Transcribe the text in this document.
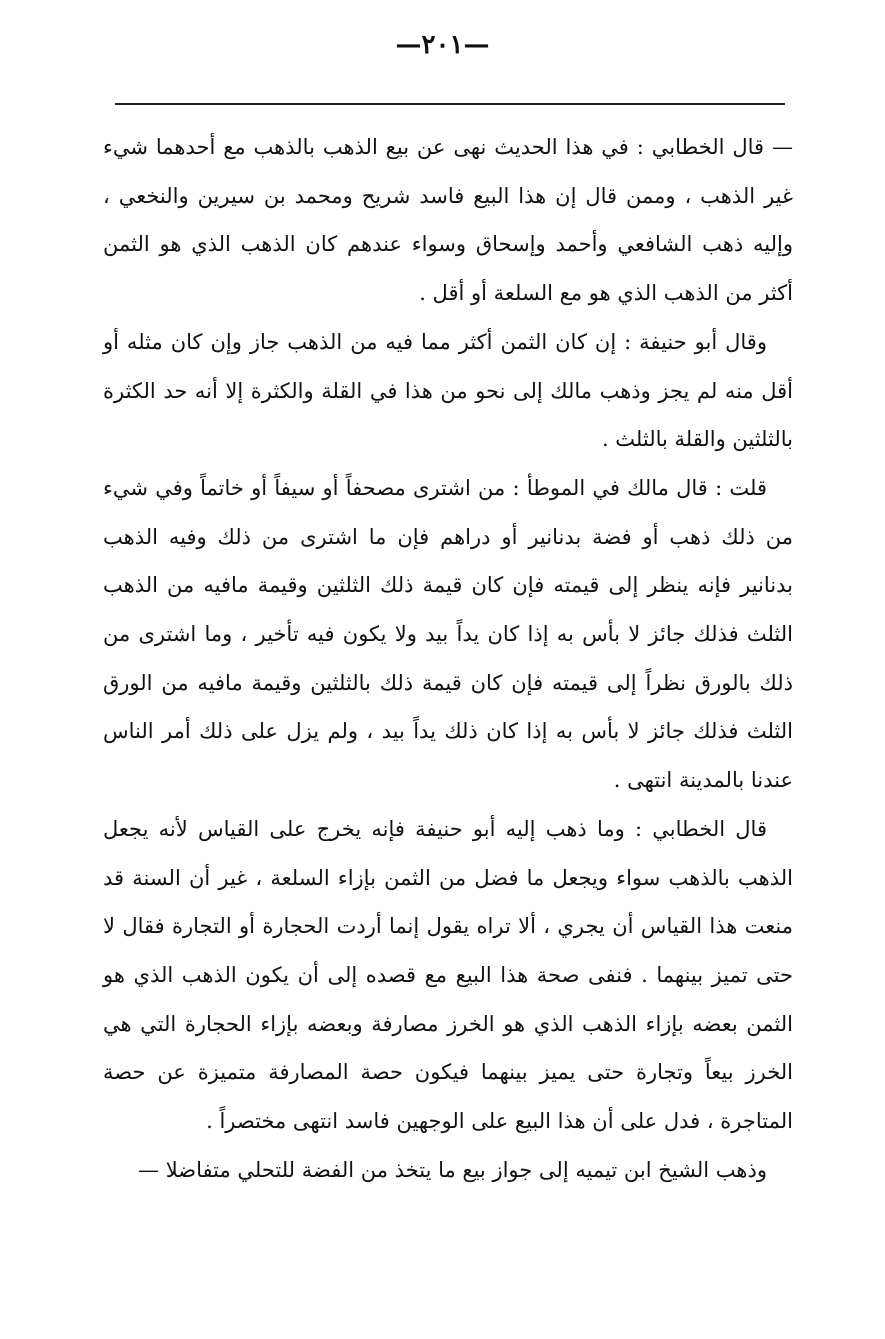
—٢٠١—

— قال الخطابي : في هذا الحديث نهى عن بيع الذهب بالذهب مع أحدهما شيء غير الذهب ، وممن قال إن هذا البيع فاسد شريح ومحمد بن سيرين والنخعي ، وإليه ذهب الشافعي وأحمد وإسحاق وسواء عندهم كان الذهب الذي هو الثمن أكثر من الذهب الذي هو مع السلعة أو أقل .

وقال أبو حنيفة : إن كان الثمن أكثر مما فيه من الذهب جاز وإن كان مثله أو أقل منه لم يجز وذهب مالك إلى نحو من هذا في القلة والكثرة إلا أنه حد الكثرة بالثلثين والقلة بالثلث .

قلت : قال مالك في الموطأ : من اشترى مصحفاً أو سيفاً أو خاتماً وفي شيء من ذلك ذهب أو فضة بدنانير أو دراهم فإن ما اشترى من ذلك وفيه الذهب بدنانير فإنه ينظر إلى قيمته فإن كان قيمة ذلك الثلثين وقيمة مافيه من الذهب الثلث فذلك جائز لا بأس به إذا كان يداً بيد ولا يكون فيه تأخير ، وما اشترى من ذلك بالورق نظراً إلى قيمته فإن كان قيمة ذلك بالثلثين وقيمة مافيه من الورق الثلث فذلك جائز لا بأس به إذا كان ذلك يداً بيد ، ولم يزل على ذلك أمر الناس عندنا بالمدينة انتهى .

قال الخطابي : وما ذهب إليه أبو حنيفة فإنه يخرج على القياس لأنه يجعل الذهب بالذهب سواء ويجعل ما فضل من الثمن بإزاء السلعة ، غير أن السنة قد منعت هذا القياس أن يجري ، ألا تراه يقول إنما أردت الحجارة أو التجارة فقال لا حتى تميز بينهما . فنفى صحة هذا البيع مع قصده إلى أن يكون الذهب الذي هو الثمن بعضه بإزاء الذهب الذي هو الخرز مصارفة وبعضه بإزاء الحجارة التي هي الخرز بيعاً وتجارة حتى يميز بينهما فيكون حصة المصارفة متميزة عن حصة المتاجرة ، فدل على أن هذا البيع على الوجهين فاسد انتهى مختصراً .

وذهب الشيخ ابن تيميه إلى جواز بيع ما يتخذ من الفضة للتحلي متفاضلا —
